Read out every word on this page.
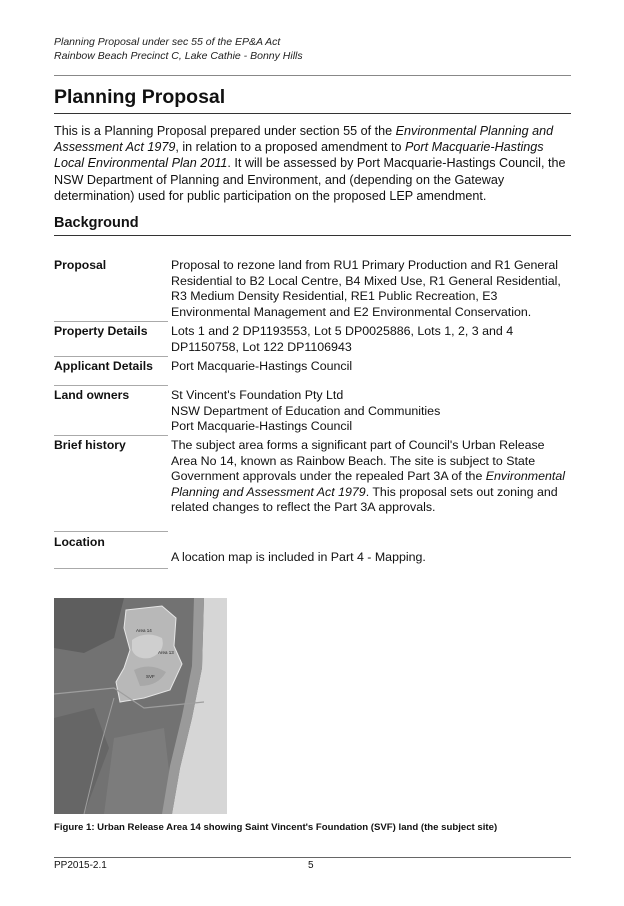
Planning Proposal under sec 55 of the EP&A Act
Rainbow Beach Precinct C, Lake Cathie - Bonny Hills
Planning Proposal

This is a Planning Proposal prepared under section 55 of the Environmental Planning and Assessment Act 1979, in relation to a proposed amendment to Port Macquarie-Hastings Local Environmental Plan 2011. It will be assessed by Port Macquarie-Hastings Council, the NSW Department of Planning and Environment, and (depending on the Gateway determination) used for public participation on the proposed LEP amendment.

Background
Proposal	Proposal to rezone land from RU1 Primary Production and R1 General Residential to B2 Local Centre, B4 Mixed Use, R1 General Residential, R3 Medium Density Residential, RE1 Public Recreation, E3 Environmental Management and E2 Environmental Conservation.
Property Details	Lots 1 and 2 DP1193553, Lot 5 DP0025886, Lots 1, 2, 3 and 4 DP1150758, Lot 122 DP1106943
Applicant Details	Port Macquarie-Hastings Council
Land owners	St Vincent's Foundation Pty Ltd
NSW Department of Education and Communities
Port Macquarie-Hastings Council
Brief history	The subject area forms a significant part of Council's Urban Release Area No 14, known as Rainbow Beach. The site is subject to State Government approvals under the repealed Part 3A of the Environmental Planning and Assessment Act 1979. This proposal sets out zoning and related changes to reflect the Part 3A approvals.
Location
A location map is included in Part 4 - Mapping.
Area 14
Area 13
SVF
Figure 1: Urban Release Area 14 showing Saint Vincent's Foundation (SVF) land (the subject site)
PP2015-2.1	5
